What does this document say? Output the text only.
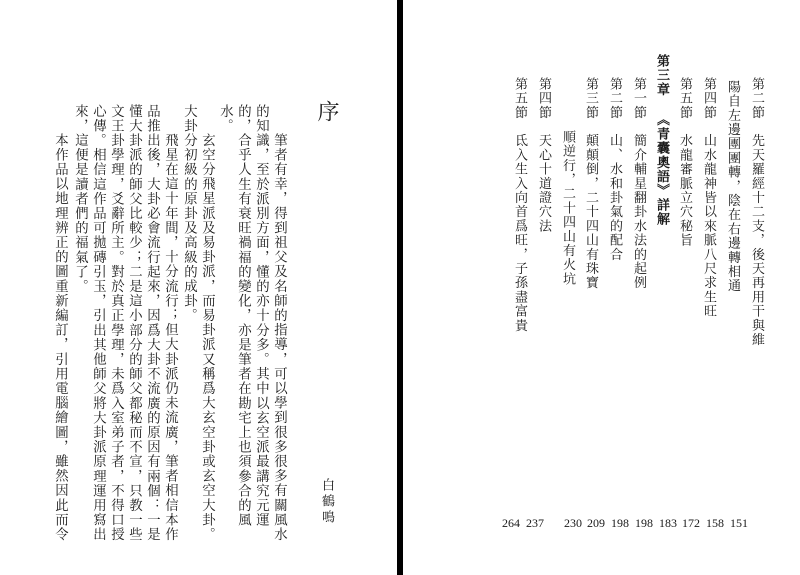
序
白鶴鳴
筆者有幸，得到祖父及名師的指導，可以學到很多很多有關風水
的知識，至於派別方面，懂的亦十分多。其中以玄空派最講究元運
的，合乎人生有衰旺禍福的變化，亦是筆者在勘宅上也須參合的風
水。
玄空分飛星派及易卦派，而易卦派又稱爲大玄空卦或玄空大卦。
大卦分初級的原卦及高級的成卦。
飛星在這十年間，十分流行；但大卦派仍未流廣，筆者相信本作
品推出後，大卦必會流行起來，因爲大卦不流廣的原因有兩個：一是
懂大卦派的師父比較少；二是這小部分的師父都秘而不宣，只教一些
文王卦學理，爻辭所主。對於真正學理，未爲入室弟子者，不得口授
心傳。相信這作品可拋磚引玉，引出其他師父將大卦派原理運用寫出
來，這便是讀者們的福氣了。
本作品以地理辨正的圖重新編訂，引用電腦繪圖，雖然因此而令	第二節　先天羅經十二支，後天再用干與維
陽自左邊團團轉，陰在右邊轉相通
第四節　山水龍神皆以來脈八尺求生旺
第五節　水龍審脈立穴秘旨
第三章 《青囊奧語》詳解
第一節　簡介輔星翻卦水法的起例
第二節　山、水和卦氣的配合
第三節　顛顛倒，二十四山有珠寶
順逆行，二十四山有火坑
第四節　天心十道證穴法
第五節　氐入生入向首爲旺，子孫盡富貴
151
158
172
183
198
198
209
230
237
264
